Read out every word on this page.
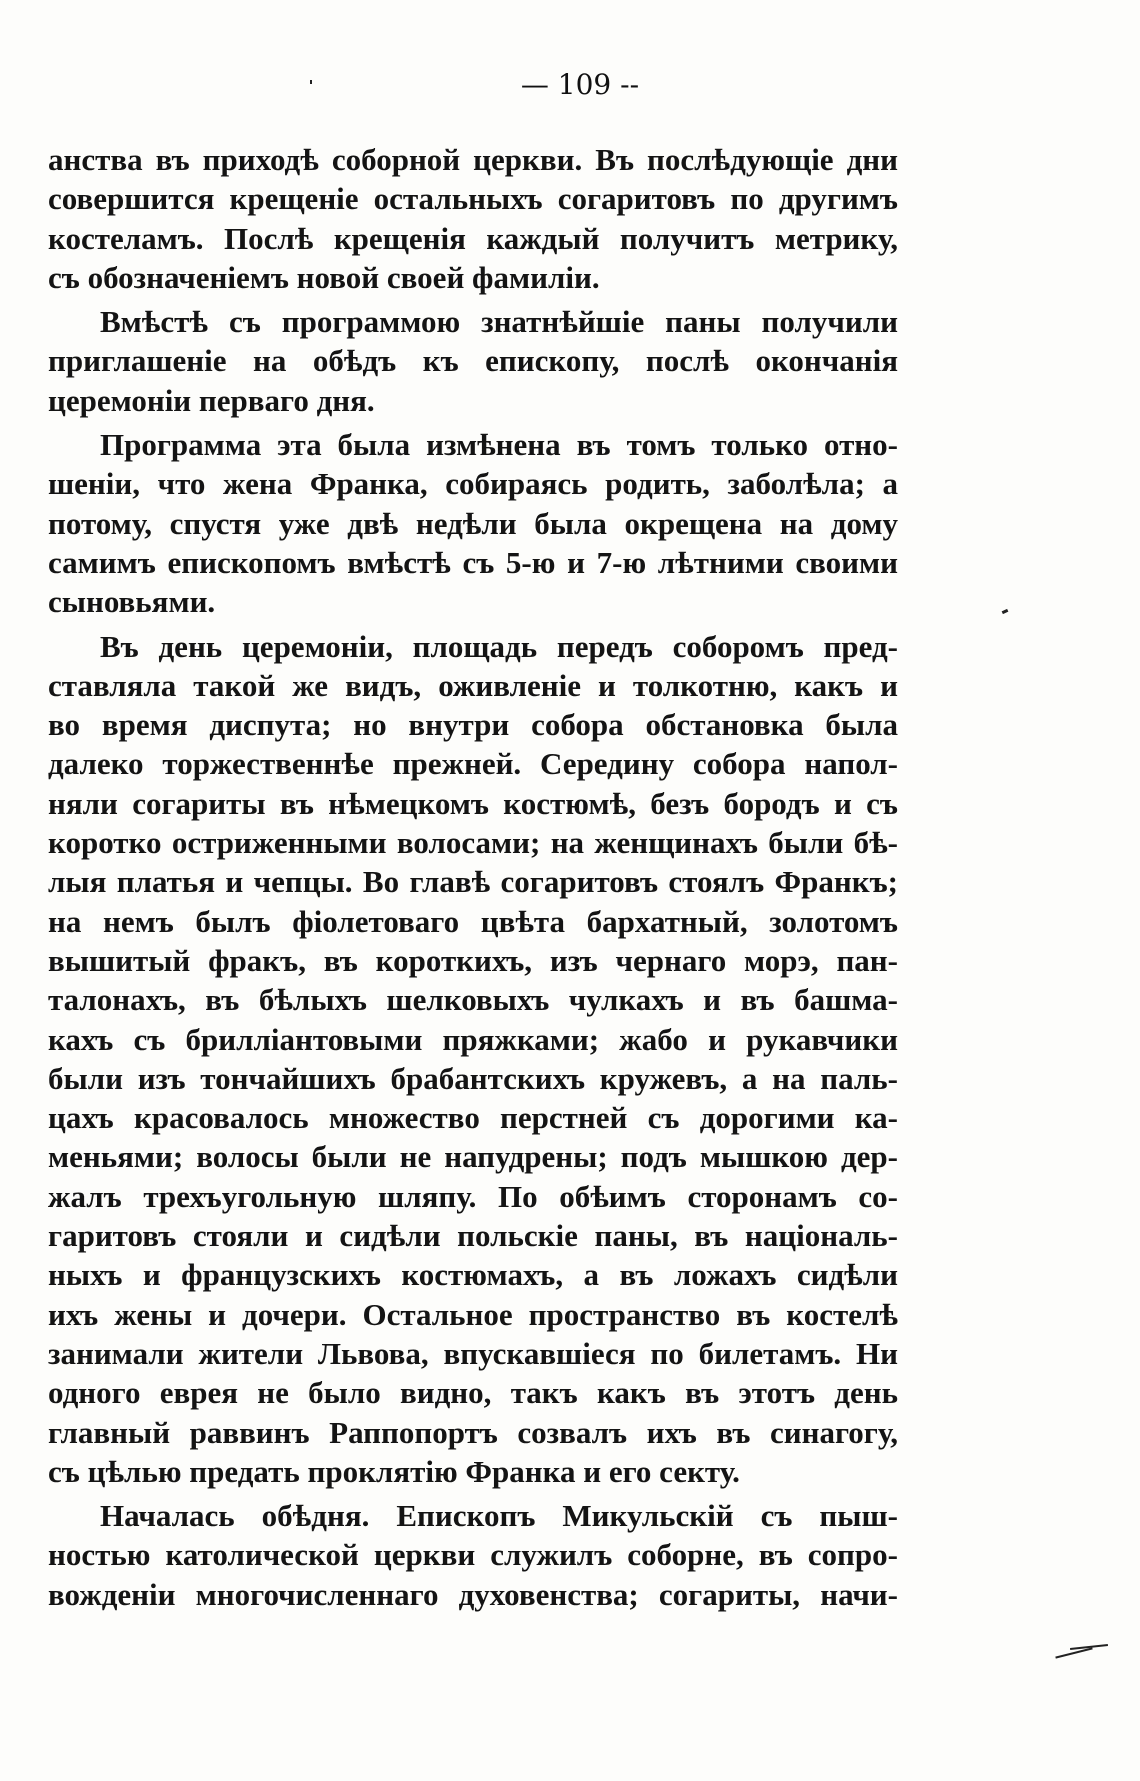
— 109 --
анства въ приходѣ соборной церкви. Въ послѣдующіе дни
совершится крещеніе остальныхъ согаритовъ по другимъ
костеламъ. Послѣ крещенія каждый получитъ метрику,
съ обозначеніемъ новой своей фамиліи.
Вмѣстѣ съ программою знатнѣйшіе паны получили
приглашеніе на обѣдъ къ епископу, послѣ окончанія
церемоніи перваго дня.
Программа эта была измѣнена въ томъ только отно-
шеніи, что жена Франка, собираясь родить, заболѣла; а
потому, спустя уже двѣ недѣли была окрещена на дому
самимъ епископомъ вмѣстѣ съ 5-ю и 7-ю лѣтними своими
сыновьями.
Въ день церемоніи, площадь передъ соборомъ пред-
ставляла такой же видъ, оживленіе и толкотню, какъ и
во время диспута; но внутри собора обстановка была
далеко торжественнѣе прежней. Середину собора напол-
няли согариты въ нѣмецкомъ костюмѣ, безъ бородъ и съ
коротко остриженными волосами; на женщинахъ были бѣ-
лыя платья и чепцы. Во главѣ согаритовъ стоялъ Франкъ;
на немъ былъ фіолетоваго цвѣта бархатный, золотомъ
вышитый фракъ, въ короткихъ, изъ чернаго морэ, пан-
талонахъ, въ бѣлыхъ шелковыхъ чулкахъ и въ башма-
кахъ съ бриллiантовыми пряжками; жабо и рукавчики
были изъ тончайшихъ брабантскихъ кружевъ, а на паль-
цахъ красовалось множество перстней съ дорогими ка-
меньями; волосы были не напудрены; подъ мышкою дер-
жалъ трехъугольную шляпу. По обѣимъ сторонамъ со-
гаритовъ стояли и сидѣли польскіе паны, въ національ-
ныхъ и французскихъ костюмахъ, а въ ложахъ сидѣли
ихъ жены и дочери. Остальное пространство въ костелѣ
занимали жители Львова, впускавшіеся по билетамъ. Ни
одного еврея не было видно, такъ какъ въ этотъ день
главный раввинъ Раппопортъ созвалъ ихъ въ синагогу,
съ цѣлью предать проклятію Франка и его секту.
Началась обѣдня. Епископъ Микульскій съ пыш-
ностью католической церкви служилъ соборне, въ сопро-
вожденіи многочисленнаго духовенства; согариты, начи-
